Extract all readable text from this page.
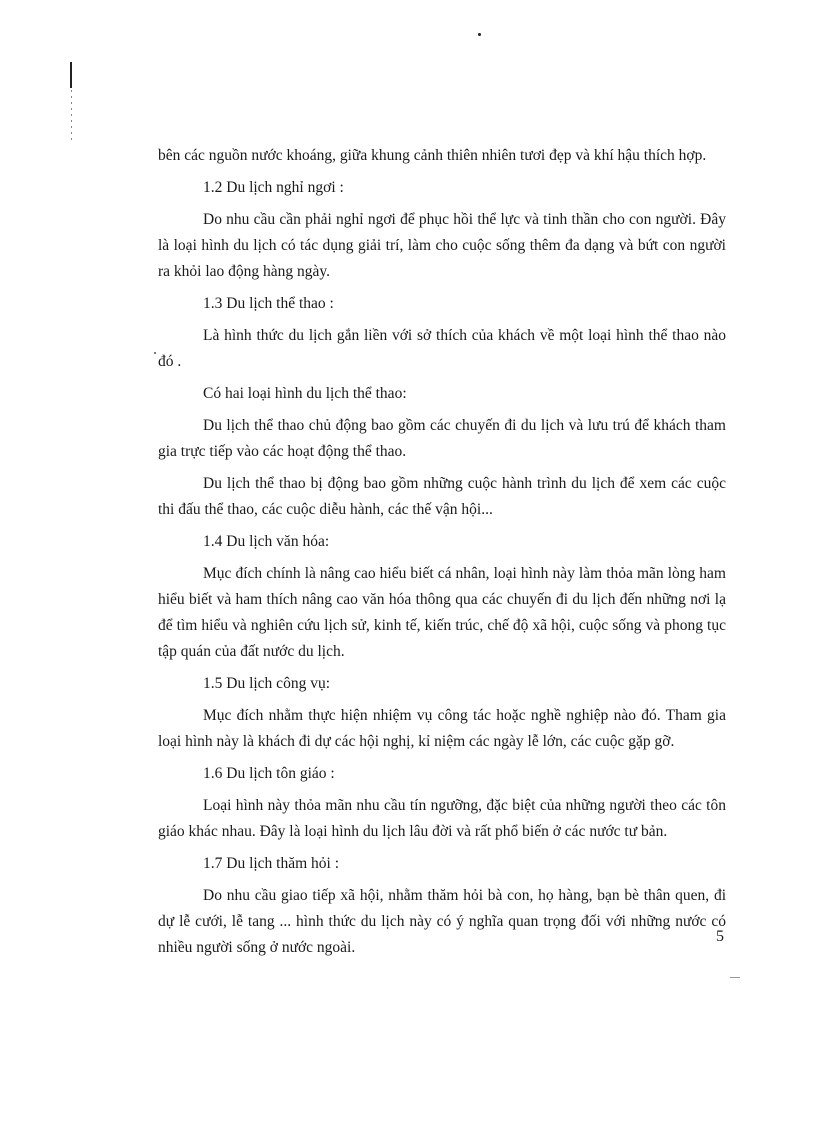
bên các nguồn nước khoáng, giữa khung cảnh thiên nhiên tươi đẹp và khí hậu thích hợp.

1.2 Du lịch nghỉ ngơi :

Do nhu cầu cần phải nghỉ ngơi để phục hồi thể lực và tinh thần cho con người. Đây là loại hình du lịch có tác dụng giải trí, làm cho cuộc sống thêm đa dạng và bứt con người ra khỏi lao động hàng ngày.

1.3 Du lịch thể thao :

Là hình thức du lịch gắn liền với sở thích của khách về một loại hình thể thao nào đó .

Có hai loại hình du lịch thể thao:

Du lịch thể thao chủ động bao gồm các chuyến đi du lịch và lưu trú để khách tham gia trực tiếp vào các hoạt động thể thao.

Du lịch thể thao bị động bao gồm những cuộc hành trình du lịch để xem các cuộc thi đấu thể thao, các cuộc diễu hành, các thế vận hội...

1.4 Du lịch văn hóa:

Mục đích chính là nâng cao hiểu biết cá nhân, loại hình này làm thỏa mãn lòng ham hiểu biết và ham thích nâng cao văn hóa thông qua các chuyến đi du lịch đến những nơi lạ để tìm hiểu và nghiên cứu lịch sử, kinh tế, kiến trúc, chế độ xã hội, cuộc sống và phong tục tập quán của đất nước du lịch.

1.5 Du lịch công vụ:

Mục đích nhằm thực hiện nhiệm vụ công tác hoặc nghề nghiệp nào đó. Tham gia loại hình này là khách đi dự các hội nghị, kỉ niệm các ngày lễ lớn, các cuộc gặp gỡ.

1.6 Du lịch tôn giáo :

Loại hình này thỏa mãn nhu cầu tín ngưỡng, đặc biệt của những người theo các tôn giáo khác nhau. Đây là loại hình du lịch lâu đời và rất phổ biến ở các nước tư bản.

1.7 Du lịch thăm hỏi :

Do nhu cầu giao tiếp xã hội, nhằm thăm hỏi bà con, họ hàng, bạn bè thân quen, đi dự lễ cưới, lễ tang ... hình thức du lịch này có ý nghĩa quan trọng đối với những nước có nhiều người sống ở nước ngoài.

5
